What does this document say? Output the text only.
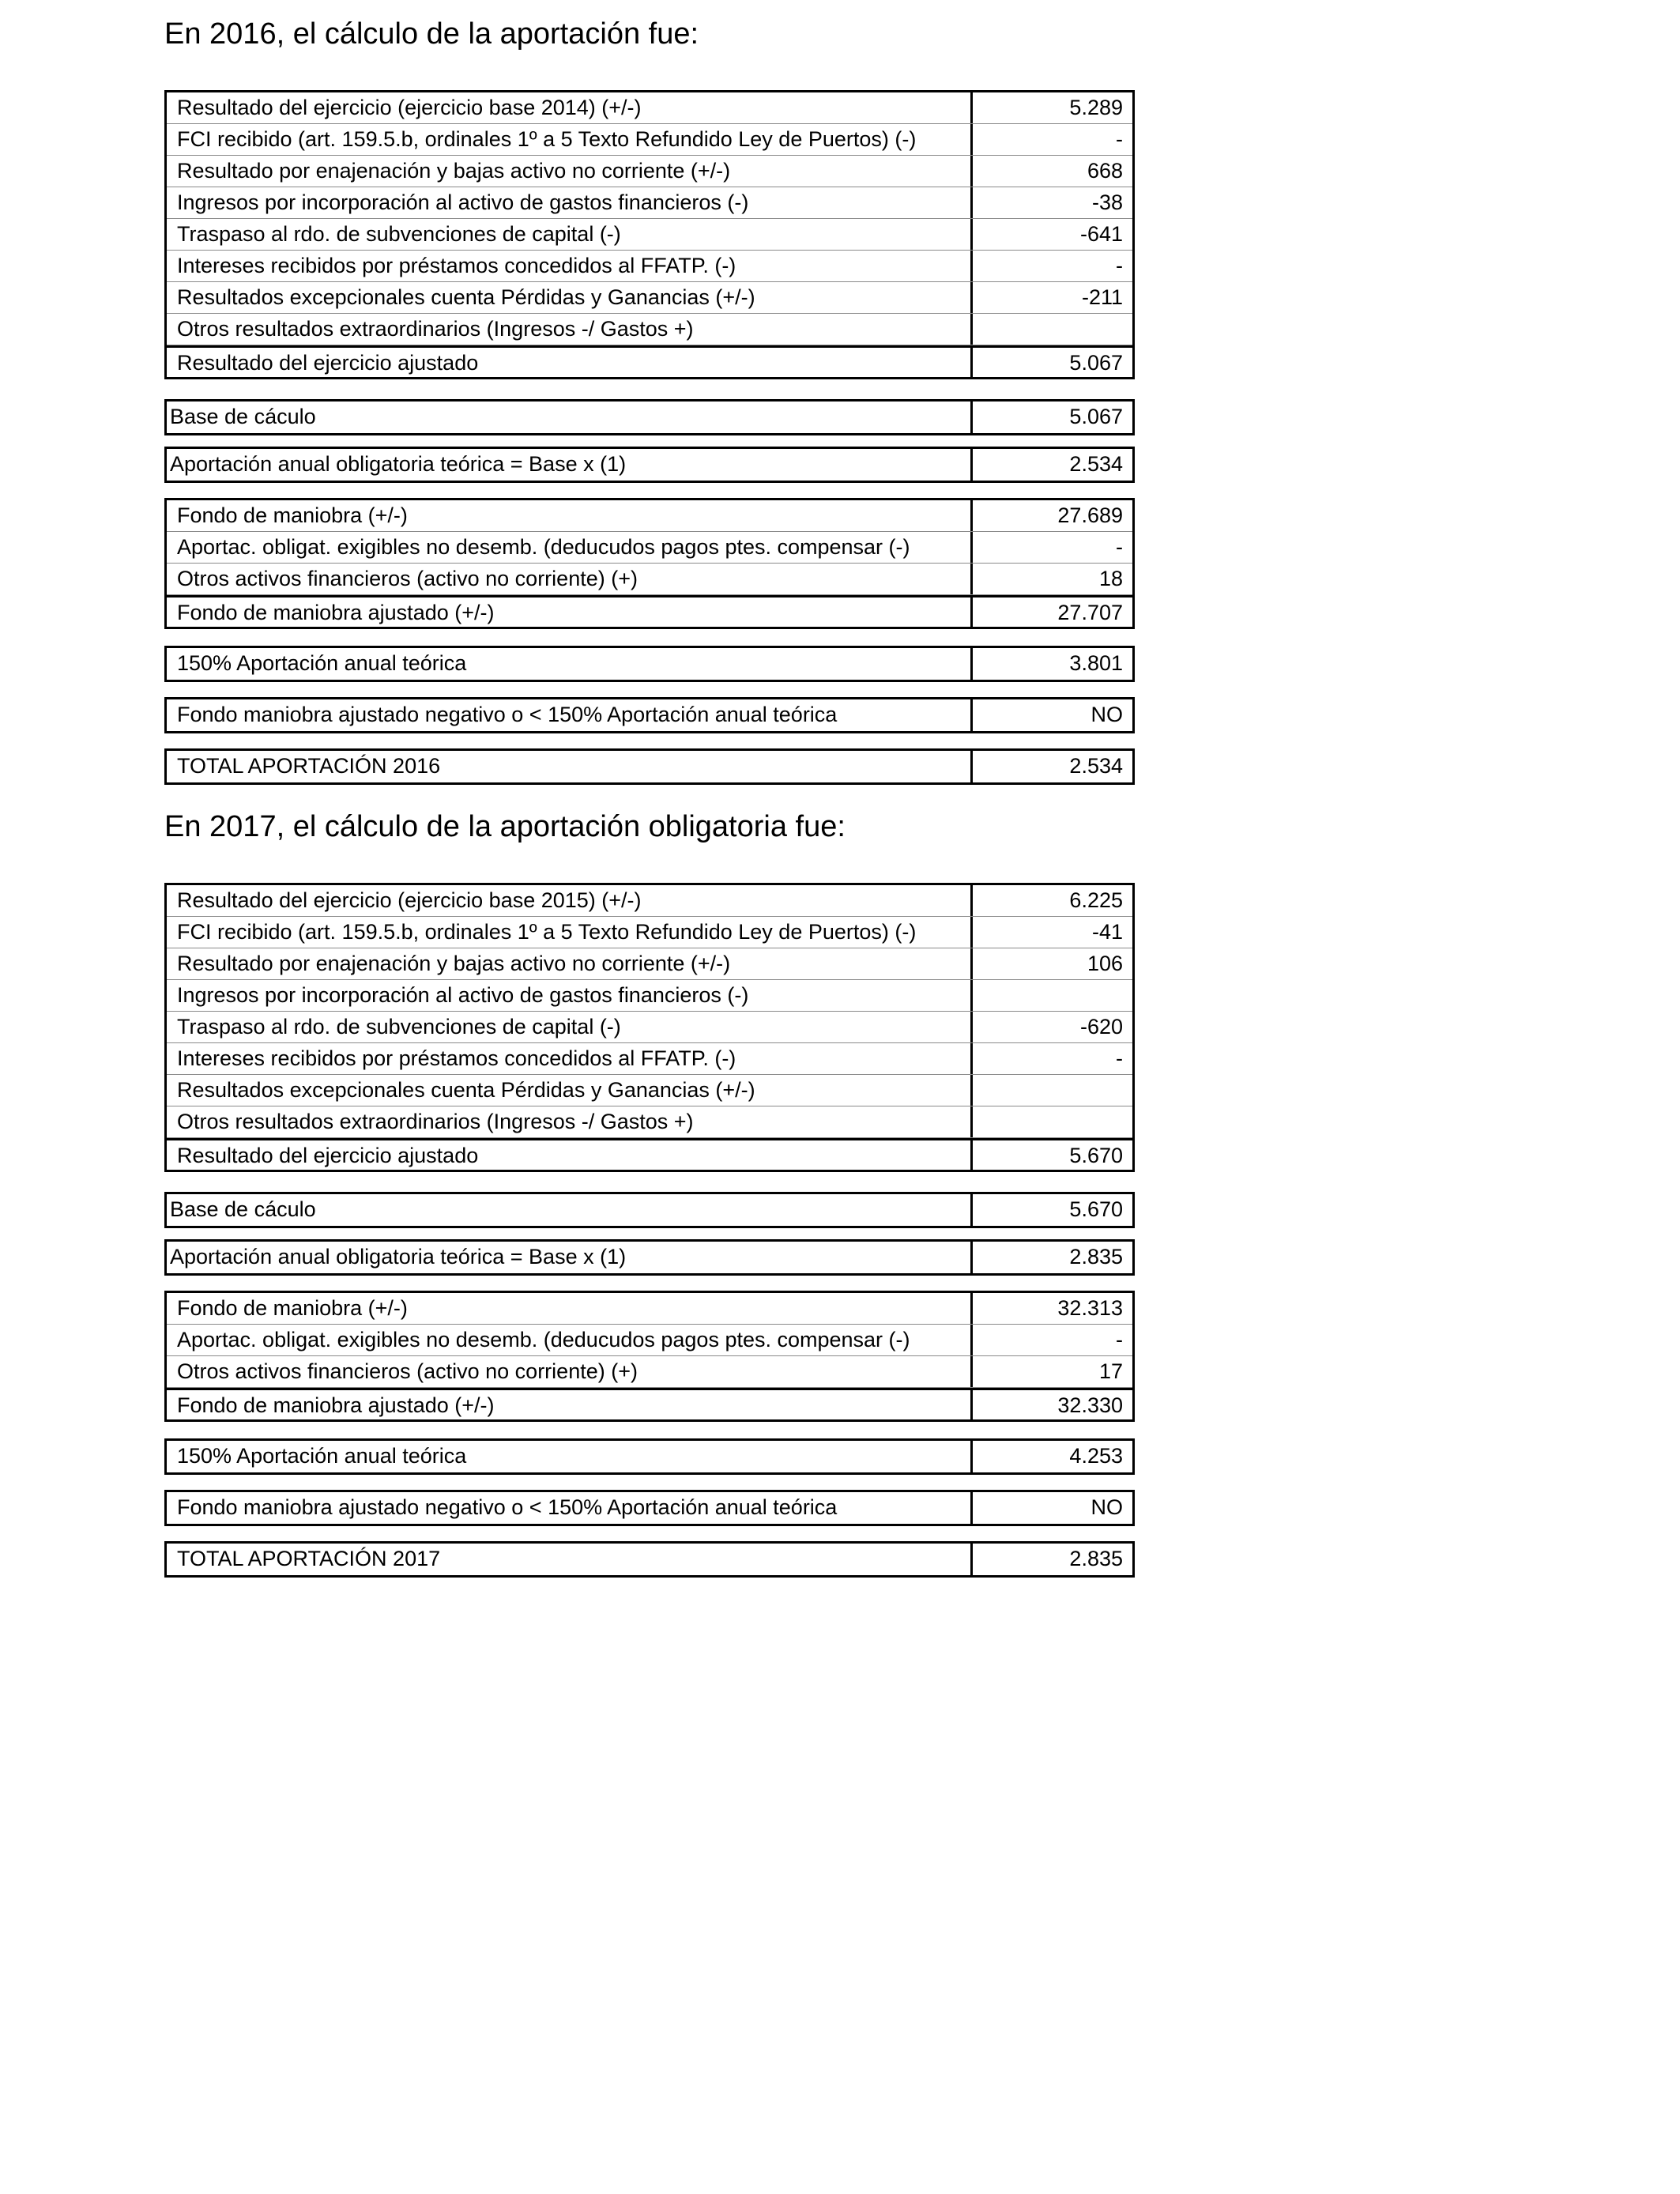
En 2016, el cálculo de la aportación fue:
Resultado del ejercicio (ejercicio base 2014) (+/-)	5.289
FCI recibido (art. 159.5.b, ordinales 1º a 5 Texto Refundido Ley de Puertos) (-)	-
Resultado por enajenación y bajas activo no corriente (+/-)	668
Ingresos por incorporación al activo de gastos financieros (-)	-38
Traspaso al rdo. de subvenciones de capital (-)	-641
Intereses recibidos por préstamos concedidos al FFATP. (-)	-
Resultados excepcionales cuenta Pérdidas y Ganancias (+/-)	-211
Otros resultados extraordinarios (Ingresos -/ Gastos +)
Resultado del ejercicio ajustado	5.067
Base de cáculo	5.067
Aportación anual obligatoria teórica = Base x (1)	2.534
Fondo de maniobra (+/-)	27.689
Aportac. obligat. exigibles no desemb. (deducudos pagos ptes. compensar (-)	-
Otros activos financieros (activo no corriente) (+)	18
Fondo de maniobra ajustado (+/-)	27.707
150% Aportación anual teórica	3.801
Fondo maniobra ajustado negativo o < 150% Aportación anual teórica	NO
TOTAL APORTACIÓN 2016	2.534
En 2017, el cálculo de la aportación obligatoria fue:
Resultado del ejercicio (ejercicio base 2015) (+/-)	6.225
FCI recibido (art. 159.5.b, ordinales 1º a 5 Texto Refundido Ley de Puertos) (-)	-41
Resultado por enajenación y bajas activo no corriente (+/-)	106
Ingresos por incorporación al activo de gastos financieros (-)
Traspaso al rdo. de subvenciones de capital (-)	-620
Intereses recibidos por préstamos concedidos al FFATP. (-)	-
Resultados excepcionales cuenta Pérdidas y Ganancias (+/-)
Otros resultados extraordinarios (Ingresos -/ Gastos +)
Resultado del ejercicio ajustado	5.670
Base de cáculo	5.670
Aportación anual obligatoria teórica = Base x (1)	2.835
Fondo de maniobra (+/-)	32.313
Aportac. obligat. exigibles no desemb. (deducudos pagos ptes. compensar (-)	-
Otros activos financieros (activo no corriente) (+)	17
Fondo de maniobra ajustado (+/-)	32.330
150% Aportación anual teórica	4.253
Fondo maniobra ajustado negativo o < 150% Aportación anual teórica	NO
TOTAL APORTACIÓN 2017	2.835
